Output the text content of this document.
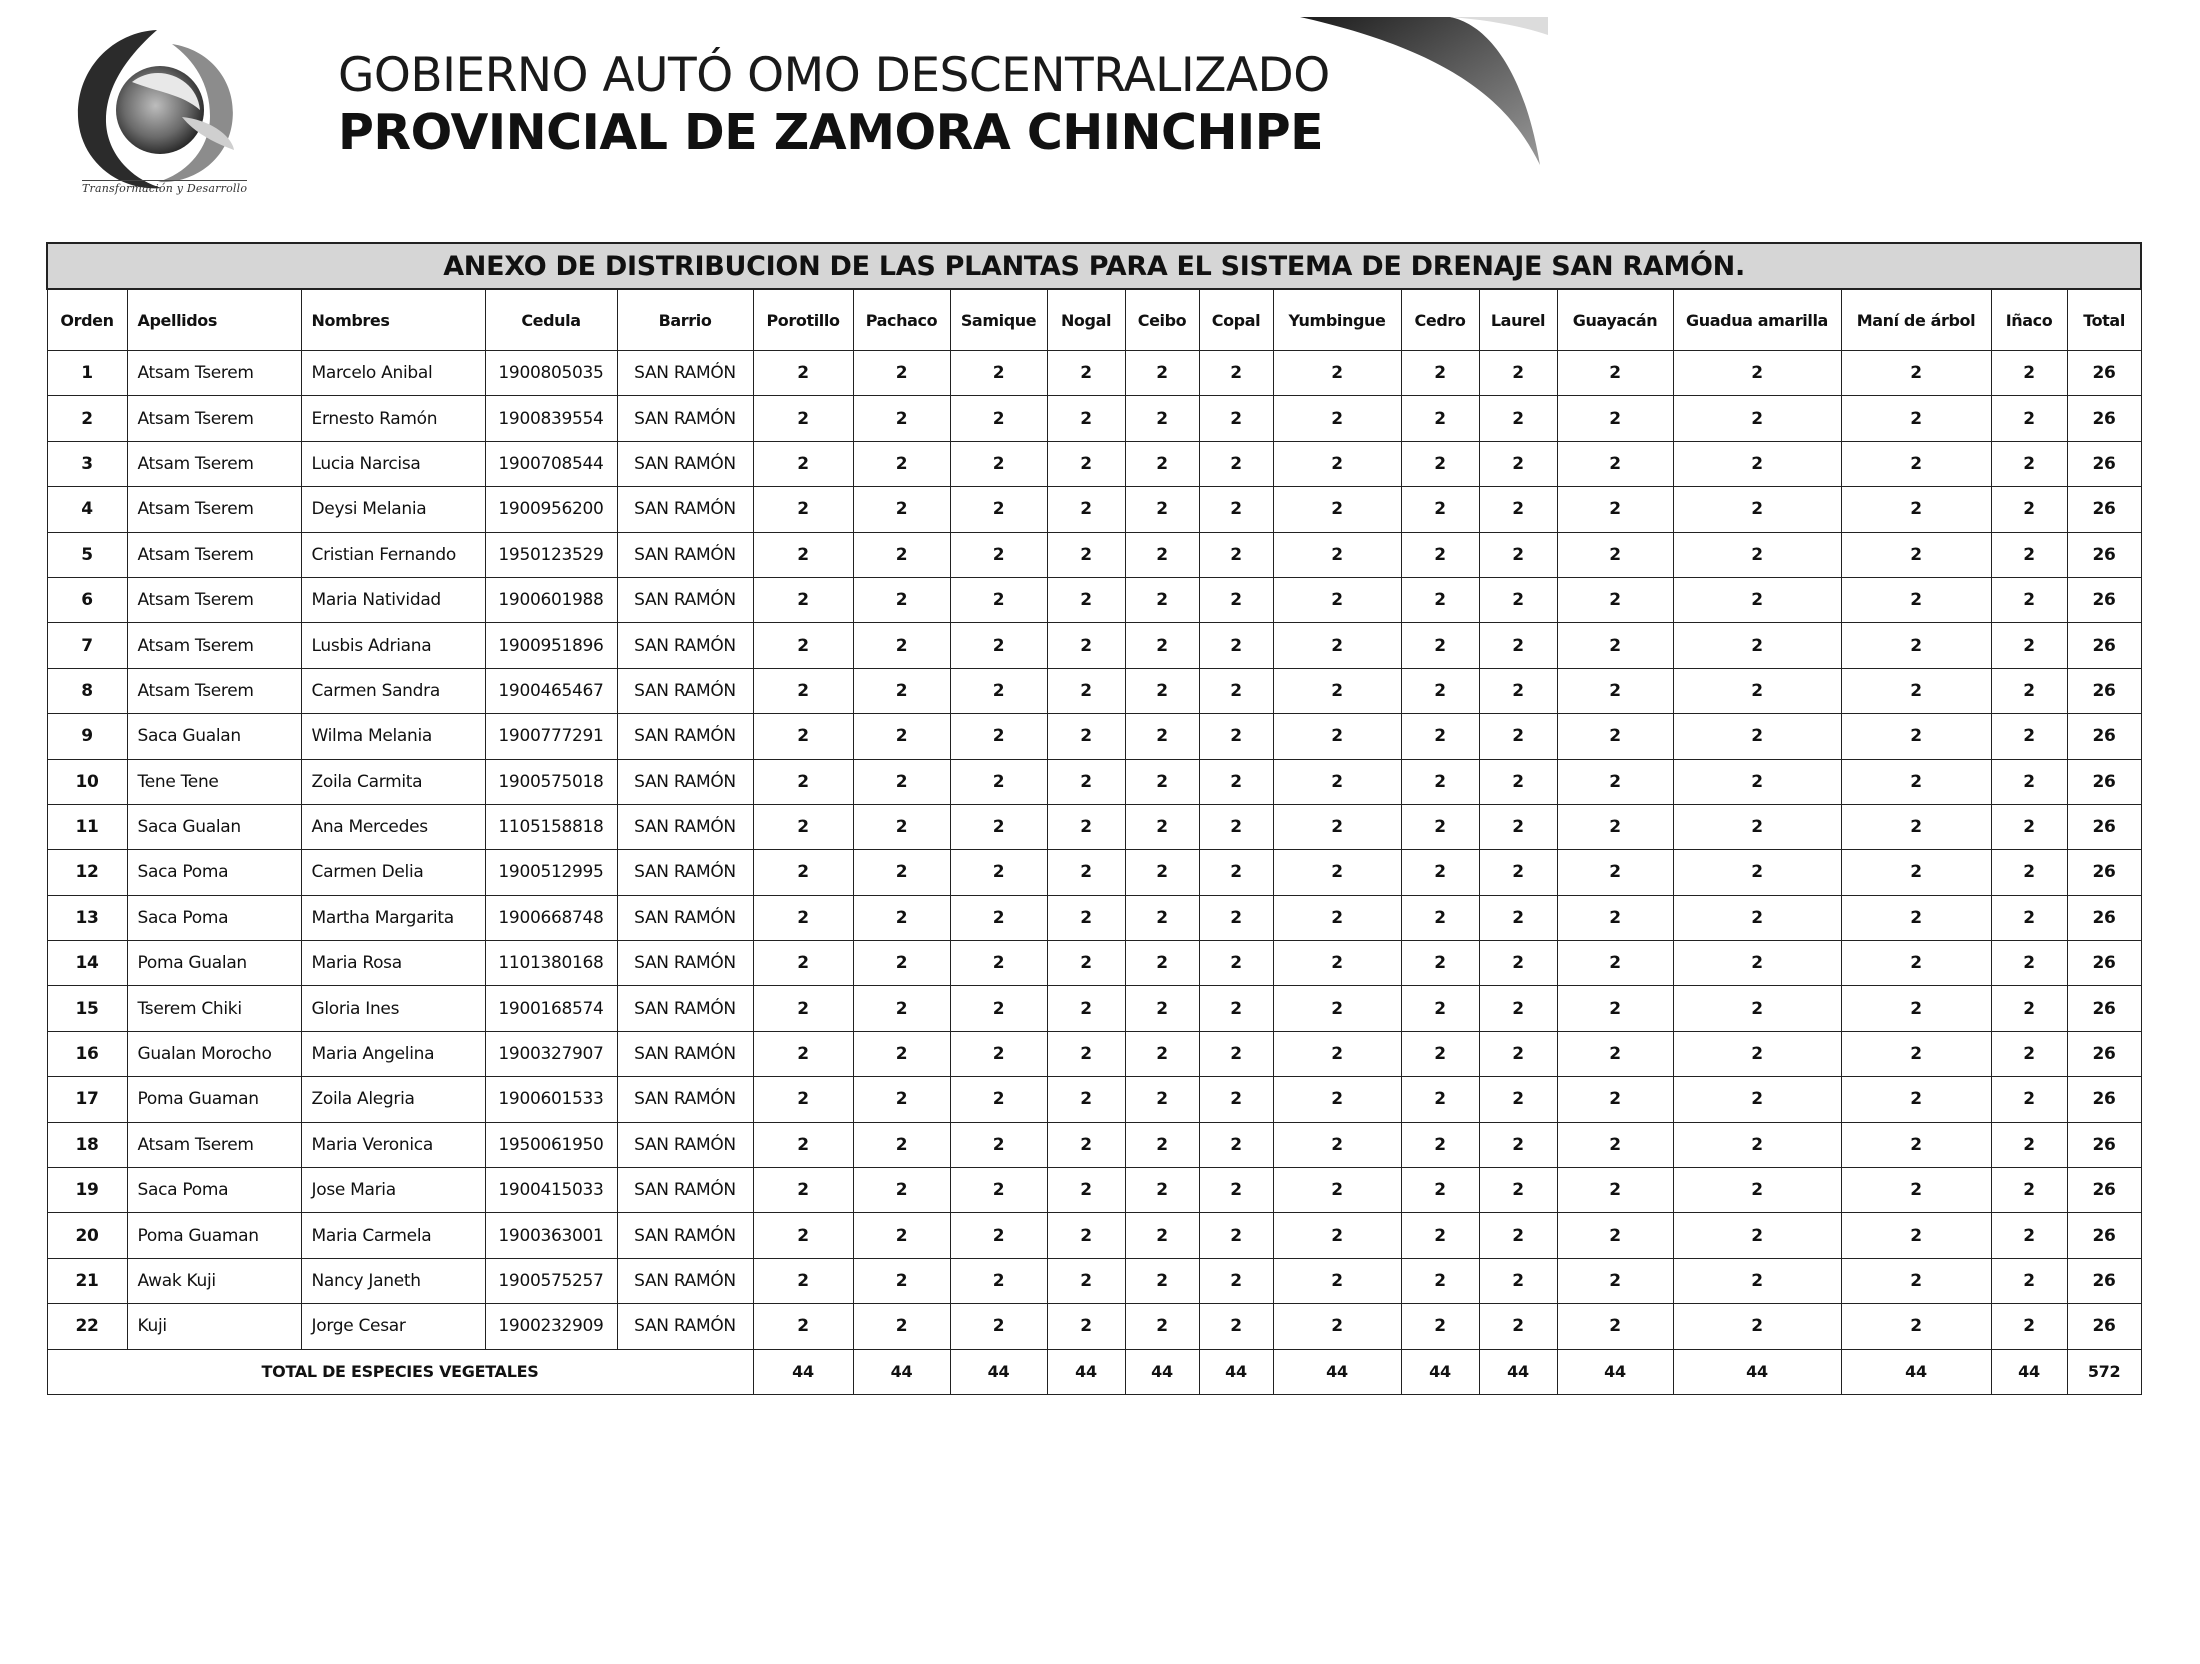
Transformación y Desarrollo
GOBIERNO AUTÓ OMO DESCENTRALIZADO
PROVINCIAL DE ZAMORA CHINCHIPE
ANEXO DE DISTRIBUCION DE LAS PLANTAS PARA EL SISTEMA DE DRENAJE SAN RAMÓN.																		
Orden	Apellidos	Nombres	Cedula	Barrio	Porotillo	Pachaco	Samique	Nogal	Ceibo	Copal	Yumbingue	Cedro	Laurel	Guayacán	Guadua amarilla	Maní de árbol	Iñaco	Total
1	Atsam Tserem	Marcelo Anibal	1900805035	SAN RAMÓN	2	2	2	2	2	2	2	2	2	2	2	2	2	26
2	Atsam Tserem	Ernesto Ramón	1900839554	SAN RAMÓN	2	2	2	2	2	2	2	2	2	2	2	2	2	26
3	Atsam Tserem	Lucia Narcisa	1900708544	SAN RAMÓN	2	2	2	2	2	2	2	2	2	2	2	2	2	26
4	Atsam Tserem	Deysi Melania	1900956200	SAN RAMÓN	2	2	2	2	2	2	2	2	2	2	2	2	2	26
5	Atsam Tserem	Cristian Fernando	1950123529	SAN RAMÓN	2	2	2	2	2	2	2	2	2	2	2	2	2	26
6	Atsam Tserem	Maria Natividad	1900601988	SAN RAMÓN	2	2	2	2	2	2	2	2	2	2	2	2	2	26
7	Atsam Tserem	Lusbis Adriana	1900951896	SAN RAMÓN	2	2	2	2	2	2	2	2	2	2	2	2	2	26
8	Atsam Tserem	Carmen Sandra	1900465467	SAN RAMÓN	2	2	2	2	2	2	2	2	2	2	2	2	2	26
9	Saca Gualan	Wilma Melania	1900777291	SAN RAMÓN	2	2	2	2	2	2	2	2	2	2	2	2	2	26
10	Tene Tene	Zoila Carmita	1900575018	SAN RAMÓN	2	2	2	2	2	2	2	2	2	2	2	2	2	26
11	Saca Gualan	Ana Mercedes	1105158818	SAN RAMÓN	2	2	2	2	2	2	2	2	2	2	2	2	2	26
12	Saca Poma	Carmen Delia	1900512995	SAN RAMÓN	2	2	2	2	2	2	2	2	2	2	2	2	2	26
13	Saca Poma	Martha Margarita	1900668748	SAN RAMÓN	2	2	2	2	2	2	2	2	2	2	2	2	2	26
14	Poma Gualan	Maria Rosa	1101380168	SAN RAMÓN	2	2	2	2	2	2	2	2	2	2	2	2	2	26
15	Tserem Chiki	Gloria Ines	1900168574	SAN RAMÓN	2	2	2	2	2	2	2	2	2	2	2	2	2	26
16	Gualan Morocho	Maria Angelina	1900327907	SAN RAMÓN	2	2	2	2	2	2	2	2	2	2	2	2	2	26
17	Poma Guaman	Zoila Alegria	1900601533	SAN RAMÓN	2	2	2	2	2	2	2	2	2	2	2	2	2	26
18	Atsam Tserem	Maria Veronica	1950061950	SAN RAMÓN	2	2	2	2	2	2	2	2	2	2	2	2	2	26
19	Saca Poma	Jose Maria	1900415033	SAN RAMÓN	2	2	2	2	2	2	2	2	2	2	2	2	2	26
20	Poma Guaman	Maria Carmela	1900363001	SAN RAMÓN	2	2	2	2	2	2	2	2	2	2	2	2	2	26
21	Awak Kuji	Nancy Janeth	1900575257	SAN RAMÓN	2	2	2	2	2	2	2	2	2	2	2	2	2	26
22	Kuji	Jorge Cesar	1900232909	SAN RAMÓN	2	2	2	2	2	2	2	2	2	2	2	2	2	26
TOTAL DE ESPECIES VEGETALES					44	44	44	44	44	44	44	44	44	44	44	44	44	572
